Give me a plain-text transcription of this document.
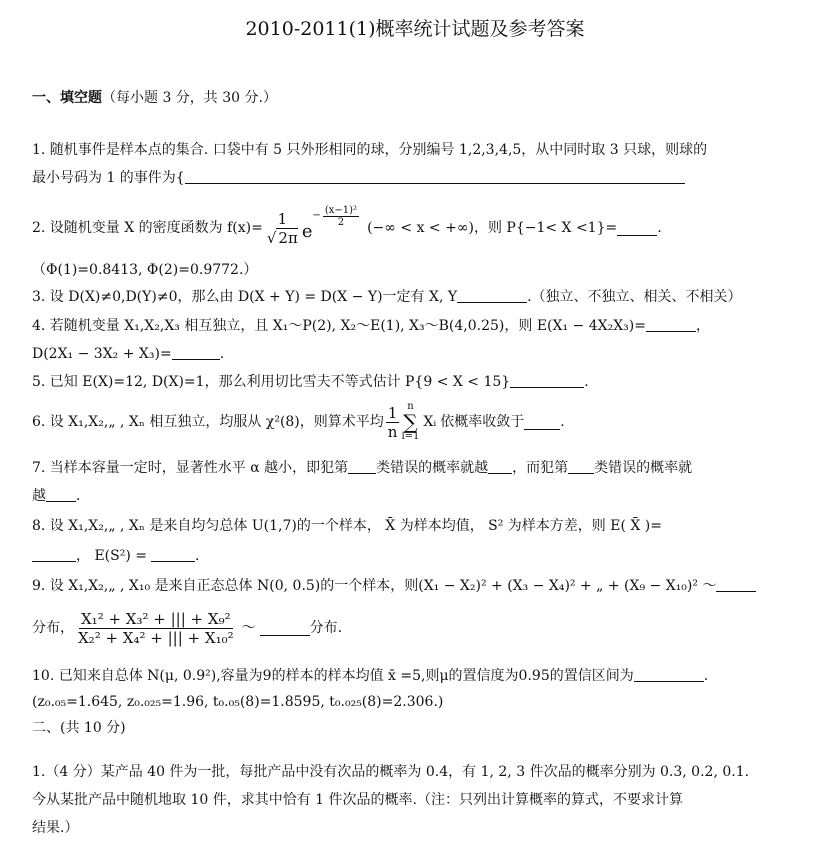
2010-2011(1)概率统计试题及参考答案
一、填空题（每小题 3 分，共 30 分.）
1. 随机事件是样本点的集合. 口袋中有 5 只外形相同的球，分别编号 1,2,3,4,5，从中同时取 3 只球，则球的
最小号码为 1 的事件为{
2. 设随机变量 X 的密度函数为 $f(x)= \frac{1}{√ 2\pi}$ e
− $\frac{\text{(x−1)²}}{2}$
(−∞ < x < +∞)，则 P{−1< X <1}=	.
（Φ(1)=0.8413, Φ(2)=0.9772.）
3. 设 D(X)≠0,D(Y)≠0，那么由 D(X + Y) = D(X − Y)一定有 X, Y	.（独立、不独立、相关、不相关）
4. 若随机变量 X₁,X₂,X₃ 相互独立，且 X₁～P(2), X₂～E(1), X₃～B(4,0.25)，则 E(X₁ − 4X₂X₃)=	，
D(2X₁ − 3X₂ + X₃)=	.
5. 已知 E(X)=12, D(X)=1，那么利用切比雪夫不等式估计 P{9 < X < 15}	.
6. 设 X₁,X₂,„ , Xₙ 相互独立，均服从 χ²(8)，则算术平均 $\frac{1}{n}$ n
∑
i=1
Xᵢ 依概率收敛于	.
7. 当样本容量一定时，显著性水平 α 越小，即犯第 类错误的概率就越 ，而犯第 类错误的概率就
越 .
8. 设 X₁,X₂,„ , Xₙ 是来自均匀总体 U(1,7)的一个样本， X̄ 为样本均值， S² 为样本方差，则 E( X̄ )=
， E(S²) =	.
9. 设 X₁,X₂,„ , X₁₀ 是来自正态总体 N(0, 0.5)的一个样本，则(X₁ − X₂)² + (X₃ − X₄)² + „ + (X₉ − X₁₀)² ～
分布， $\frac{\text{X₁² + X₃² + ||| + X₉²}}{\text{X₂² + X₄² + ||| + X₁₀²}}$ ～	分布.
10. 已知来自总体 N(μ, 0.9²),容量为9的样本的样本均值 x̄ =5,则μ的置信度为0.95的置信区间为	.
(z₀.₀₅=1.645, z₀.₀₂₅=1.96, t₀.₀₅(8)=1.8595, t₀.₀₂₅(8)=2.306.)
二、(共 10 分)
1.（4 分）某产品 40 件为一批，每批产品中没有次品的概率为 0.4，有 1, 2, 3 件次品的概率分别为 0.3, 0.2, 0.1.
今从某批产品中随机地取 10 件，求其中恰有 1 件次品的概率.（注：只列出计算概率的算式，不要求计算
结果.）
